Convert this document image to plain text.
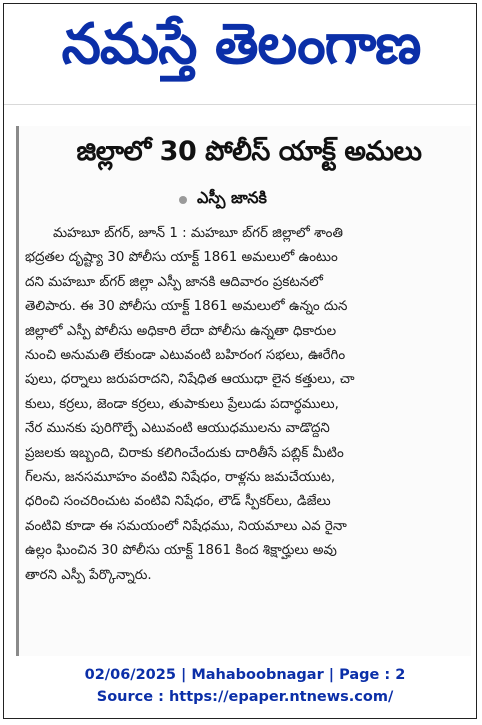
నమస్తే తెలంగాణ
జిల్లాలో 30 పోలీస్ యాక్ట్ అమలు
ఎస్పీ జానకి
మహబూ బ్‌గర్, జూన్ 1 : మహబూ బ్‌గర్ జిల్లాలో శాంతి
భద్రతల దృష్ట్యా 30 పోలీసు యాక్ట్ 1861 అమలులో ఉంటుం
దని మహబూ బ్‌గర్ జిల్లా ఎస్పీ జానకి ఆదివారం ప్రకటనలో
తెలిపారు. ఈ 30 పోలీసు యాక్ట్ 1861 అమలులో ఉన్నం దున
జిల్లాలో ఎస్పీ పోలీసు అధికారి లేదా పోలీసు ఉన్నతా ధికారుల
నుంచి అనుమతి లేకుండా ఎటువంటి బహిరంగ సభలు, ఊరేగిం
పులు, ధర్నాలు జరుపరాదని, నిషేధిత ఆయుధా లైన కత్తులు, చా
కులు, కర్రలు, జెండా కర్రలు, తుపాకులు ప్రేలుడు పదార్థములు,
నేర మునకు పురిగొల్పే ఎటువంటి ఆయుధములను వాడొద్దని
ప్రజలకు ఇబ్బంది, చిరాకు కలిగించేందుకు దారితీసే పబ్లిక్ మీటిం
గ్‌లను, జనసమూహం వంటివి నిషేధం, రాళ్లను జమచేయుట,
ధరించి సంచరించుట వంటివి నిషేధం, లౌడ్ స్పీకర్‌లు, డిజేలు
వంటివి కూడా ఈ సమయంలో నిషేధము, నియమాలు ఎవ రైనా
ఉల్లం ఘించిన 30 పోలీసు యాక్ట్ 1861 కింద శిక్షార్హులు అవు
తారని ఎస్పీ పేర్కొన్నారు.
02/06/2025 | Mahaboobnagar | Page : 2
Source : https://epaper.ntnews.com/
